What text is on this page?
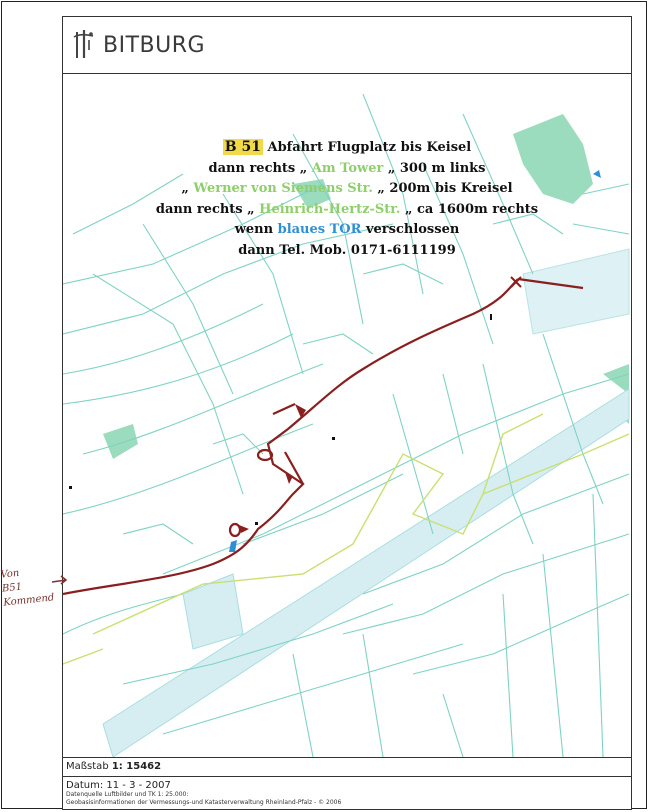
BITBURG
B 51 Abfahrt Flugplatz bis Keisel
dann rechts „ Am Tower „ 300 m links
„ Werner von Siemens Str. „ 200m bis Kreisel
dann rechts „ Heinrich-Hertz-Str. „ ca 1600m rechts
wenn blaues TOR verschlossen
dann Tel. Mob. 0171-6111199
Maßstab 1: 15462
Datum: 11 - 3 - 2007
Datenquelle Luftbilder und TK 1: 25.000:
Geobasisinformationen der Vermessungs-und Katasterverwaltung Rheinland-Pfalz - © 2006
Von
B51
Kommend
